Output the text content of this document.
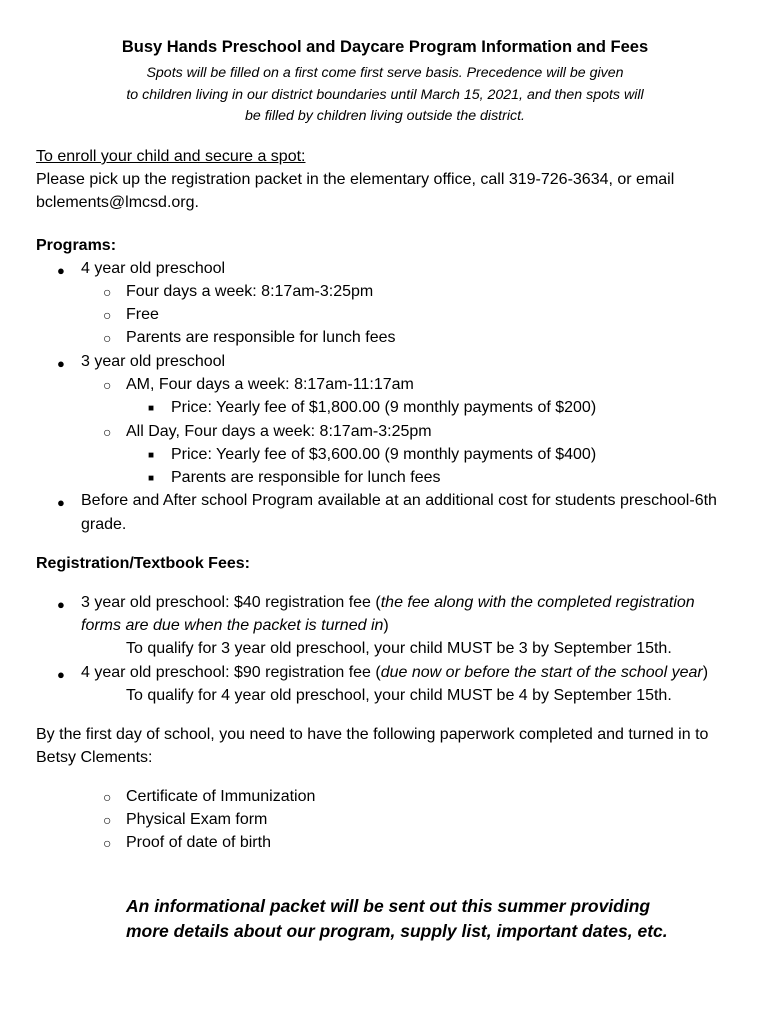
Busy Hands Preschool and Daycare Program Information and Fees
Spots will be filled on a first come first serve basis. Precedence will be given
to children living in our district boundaries until March 15, 2021, and then spots will
be filled by children living outside the district.
To enroll your child and secure a spot:
Please pick up the registration packet in the elementary office, call 319-726-3634, or email
bclements@lmcsd.org.
Programs:
● 4 year old preschool
○ Four days a week: 8:17am-3:25pm
○ Free
○ Parents are responsible for lunch fees
● 3 year old preschool
○ AM, Four days a week: 8:17am-11:17am
■ Price: Yearly fee of $1,800.00 (9 monthly payments of $200)
○ All Day, Four days a week: 8:17am-3:25pm
■ Price: Yearly fee of $3,600.00 (9 monthly payments of $400)
■ Parents are responsible for lunch fees
● Before and After school Program available at an additional cost for students preschool-6th
grade.
Registration/Textbook Fees:
● 3 year old preschool: $40 registration fee (the fee along with the completed registration
forms are due when the packet is turned in)
To qualify for 3 year old preschool, your child MUST be 3 by September 15th.
● 4 year old preschool: $90 registration fee (due now or before the start of the school year)
To qualify for 4 year old preschool, your child MUST be 4 by September 15th.
By the first day of school, you need to have the following paperwork completed and turned in to
Betsy Clements:
○ Certificate of Immunization
○ Physical Exam form
○ Proof of date of birth
An informational packet will be sent out this summer providing
more details about our program, supply list, important dates, etc.
